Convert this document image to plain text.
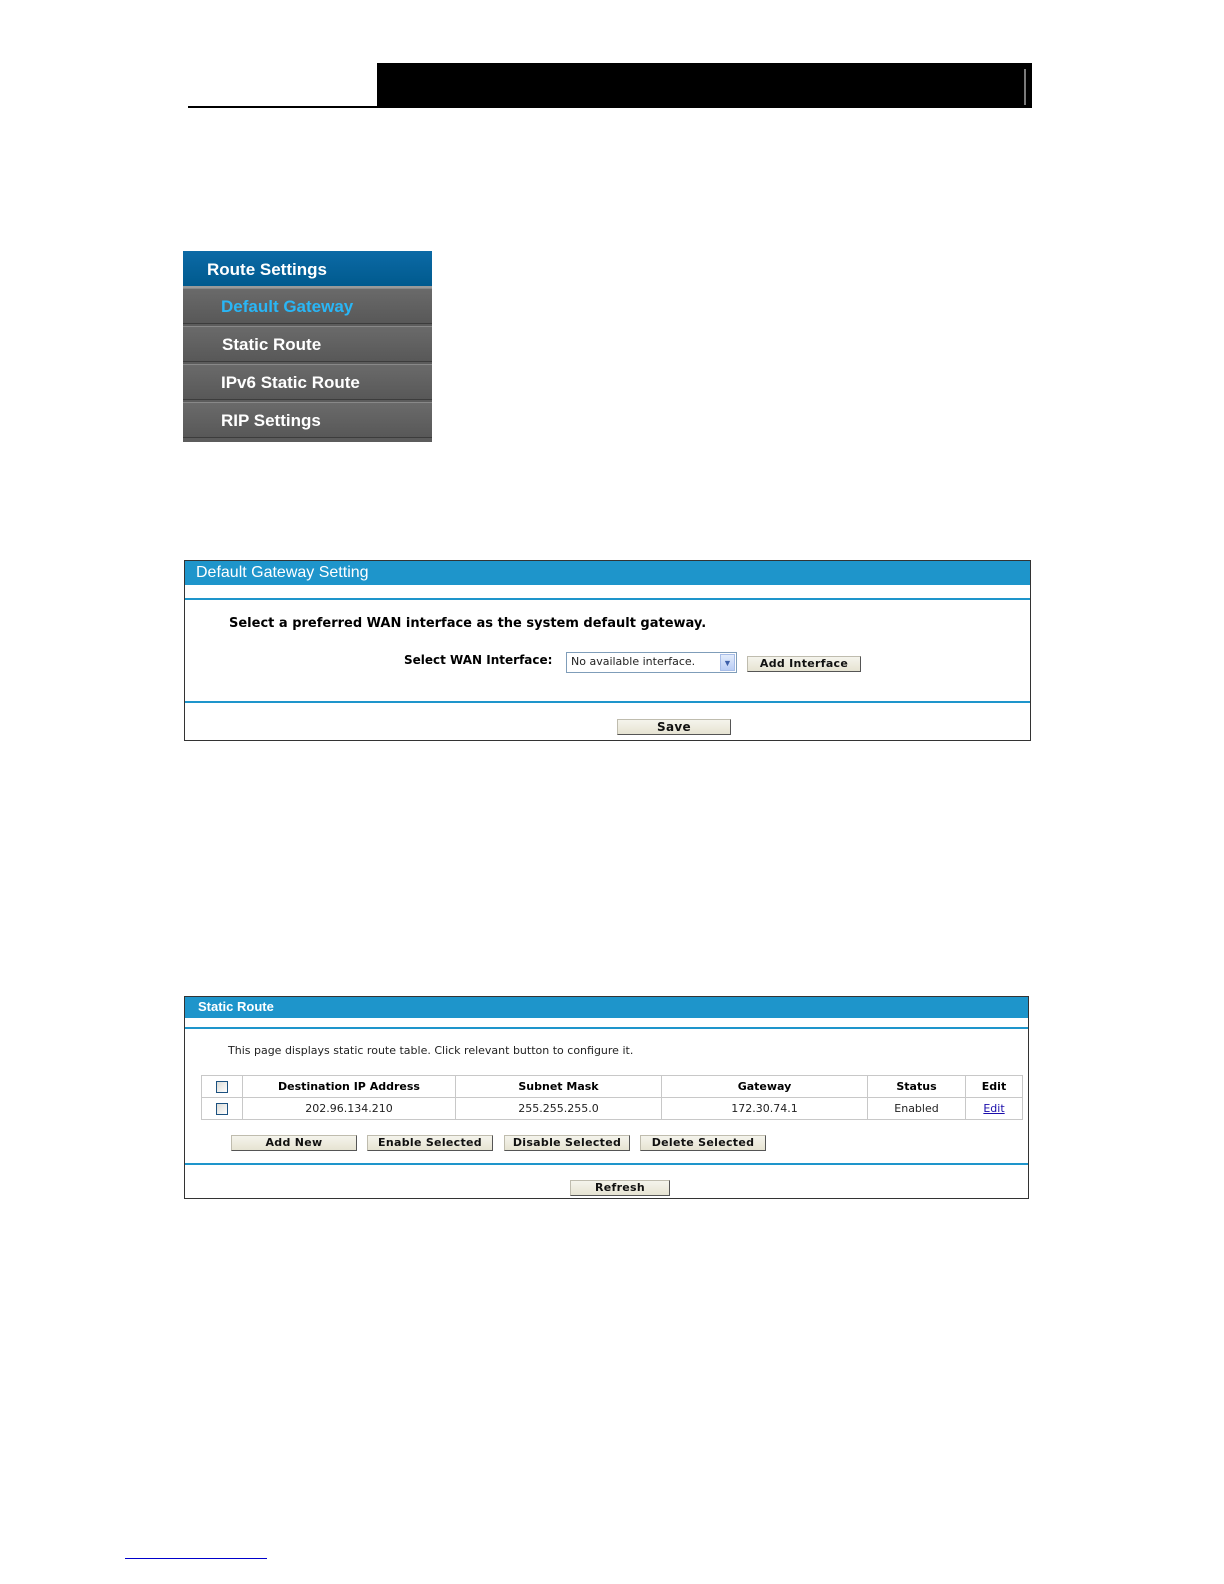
Route Settings
Default Gateway
Static Route
IPv6 Static Route
RIP Settings
Default Gateway Setting
Select a preferred WAN interface as the system default gateway.
Select WAN Interface: No available interface.	▼	Add Interface
Save
Static Route
This page displays static route table. Click relevant button to configure it.
	Destination IP Address	Subnet Mask	Gateway	Status	Edit
	202.96.134.210	255.255.255.0	172.30.74.1	Enabled	Edit
Add New	Enable Selected	Disable Selected	Delete Selected
Refresh
